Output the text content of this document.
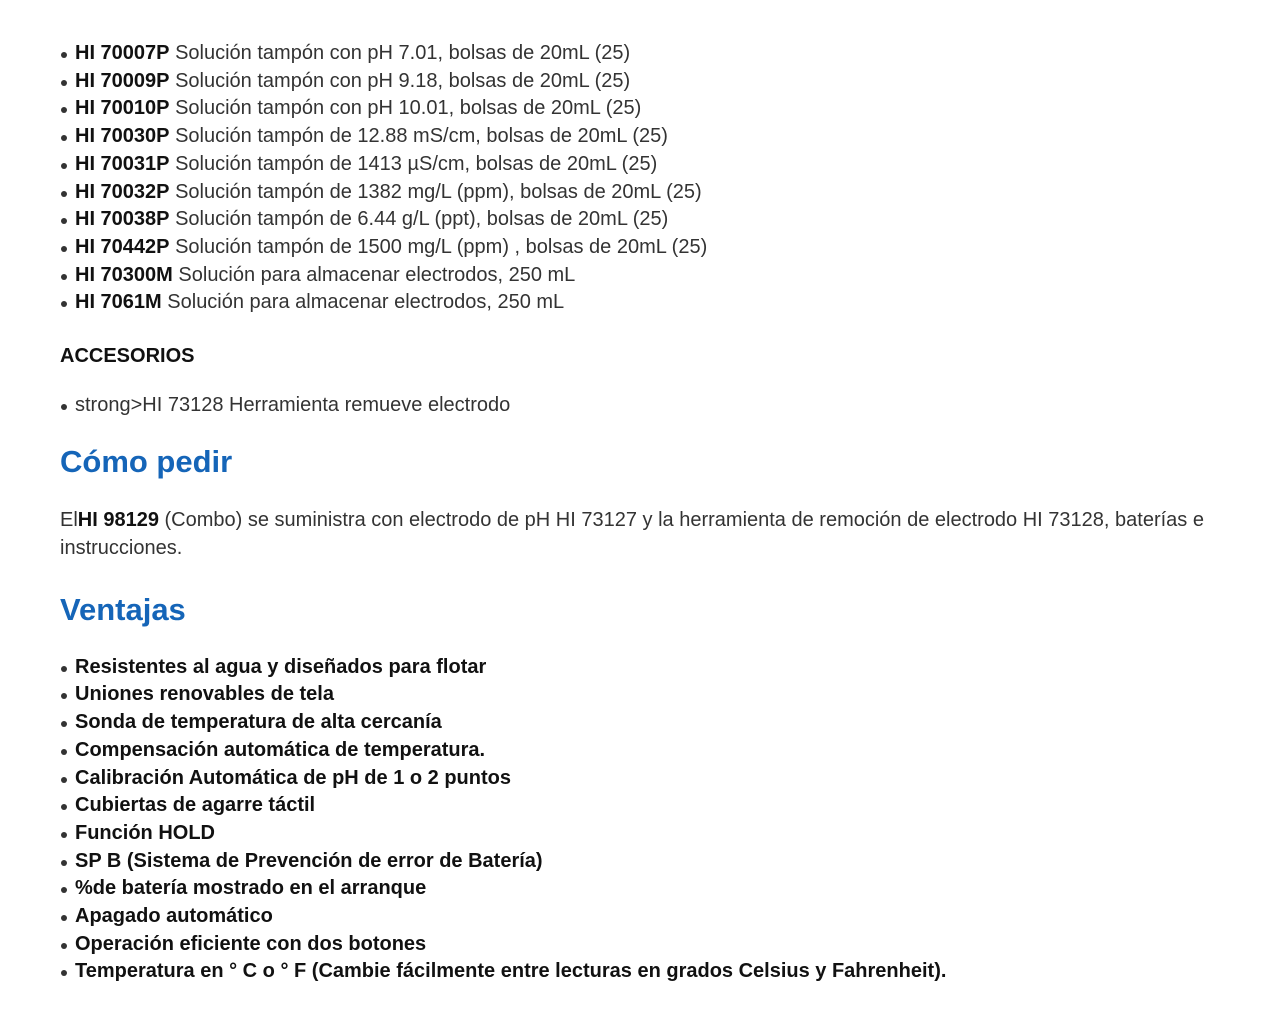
HI 70007P Solución tampón con pH 7.01, bolsas de 20mL (25)
HI 70009P Solución tampón con pH 9.18, bolsas de 20mL (25)
HI 70010P Solución tampón con pH 10.01, bolsas de 20mL (25)
HI 70030P Solución tampón de 12.88 mS/cm, bolsas de 20mL (25)
HI 70031P Solución tampón de 1413 µS/cm, bolsas de 20mL (25)
HI 70032P Solución tampón de 1382 mg/L (ppm), bolsas de 20mL (25)
HI 70038P Solución tampón de 6.44 g/L (ppt), bolsas de 20mL (25)
HI 70442P Solución tampón de 1500 mg/L (ppm) , bolsas de 20mL (25)
HI 70300M Solución para almacenar electrodos, 250 mL
HI 7061M Solución para almacenar electrodos, 250 mL
ACCESORIOS
strong>HI 73128 Herramienta remueve electrodo
Cómo pedir

ElHI 98129 (Combo) se suministra con electrodo de pH HI 73127 y la herramienta de remoción de electrodo HI 73128, baterías e instrucciones.

Ventajas
Resistentes al agua y diseñados para flotar
Uniones renovables de tela
Sonda de temperatura de alta cercanía
Compensación automática de temperatura.
Calibración Automática de pH de 1 o 2 puntos
Cubiertas de agarre táctil
Función HOLD
SP B (Sistema de Prevención de error de Batería)
%de batería mostrado en el arranque
Apagado automático
Operación eficiente con dos botones
Temperatura en ° C o ° F (Cambie fácilmente entre lecturas en grados Celsius y Fahrenheit).
